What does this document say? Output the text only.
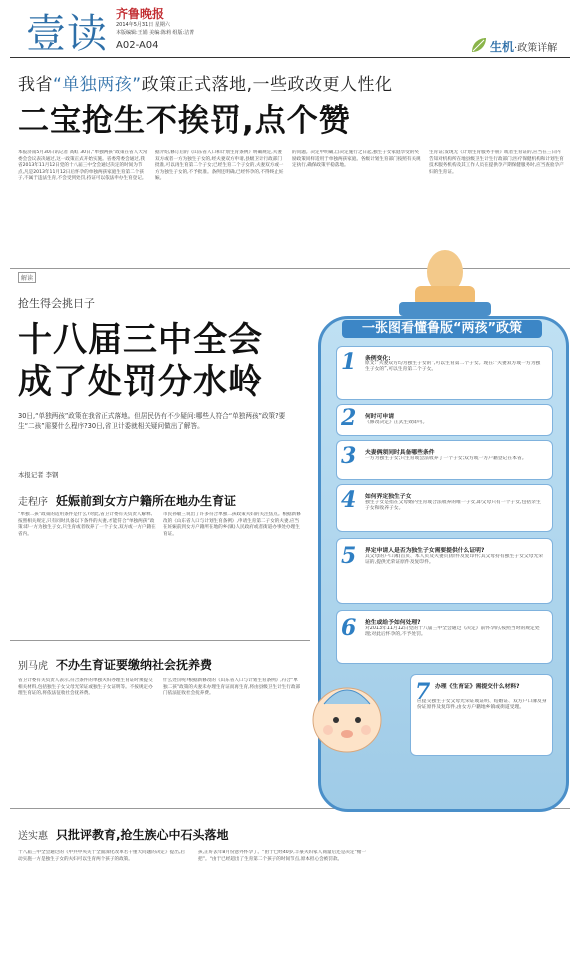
壹读 齐鲁晚报
2014年5月31日 星期六
本版编辑:王娟 美编:陈莉 组版:洁菁
A02-A04	生机·政策详解
我省“单独两孩”政策正式落地,一些政改更人性化
二宝抢生不挨罚,点个赞
本报济南5月30日讯记者 高虹 30日,“单独两孩”政策在省人大常委会会议表决通过,这一政策正式开始实施。省委常委会通过,我省2013年11月12日党的十八届三中全会通过决定的时间为节点,凡是2013年11月12日后怀孕的单独两孩家庭生育第二个孩子,不属于违法生育,不会受到处罚,持证可以依法申办生育登记。
据介绍,修订后的《山东省人口和计划生育条例》明确规定,夫妻双方或者一方为独生子女的,经夫妻双方申请,县级卫计行政部门批准,可以再生育第二个子女;已经生育二个子女的,夫妻双方或一方为独生子女的,不予批准。条例还明确,已经怀孕的,不得终止妊娠。
的问题。决定中明确,自决定施行之日起,独生子女家庭享受的奖励政策同样适用于单独两孩家庭。各级计划生育部门按照有关规定执行,确保政策平稳落地。
生育证;发现无《计划生育服务手册》或者生育证的,应当在三日内告知对机构所在地县级卫生计生行政部门;医疗保健机构和计划生育技术服务机构及其工作人员在提供孕产期保健服务时,应当查验孕产妇的生育证。
解读
抢生得会挑日子
十八届三中全会
成了处罚分水岭
30日,“单独两孩”政策在我省正式落地。但居民仍有不少疑问:哪些人符合“单独两孩”政策?要生“二孩”需要什么程序?30日,省卫计委就相关疑问做出了解答。
本报记者 李钢
走程序 妊娠前到女方户籍所在地办生育证
“单独二孩”政策的适用条件是什么?对此,省卫计委有关负责人解释,按照相关规定,只有同时具备以下条件的夫妻,才能符合“单独两孩”政策:即一方为独生子女,只生育或者收养了一个子女,双方或一方户籍在省内。
市民孙敏三说出了许多符合单独二孩政策夫妇的关注焦点。根据新修改的《山东省人口与计划生育条例》,申请生育第二子女的夫妻,应当在妊娠前到女方户籍所在地的乡(镇)人民政府或者街道办事处办理生育证。
别马虎 不办生育证要缴纳社会抚养费
省卫计委有关负责人表示,符合条件的单独夫妇办理生育证时须提交相关材料,包括独生子女父母光荣证或独生子女证明等。不按规定办理生育证的,将依法征收社会抚养费。
什么处罚呢?根据新修改的《山东省人口与计划生育条例》,符合“单独二孩”政策的夫妻未办理生育证而再生育,将由县级卫生计生行政部门依法征收社会抚养费。
送实惠 只批评教育,抢生族心中石头落地
十八届三中全会通过的《中共中央关于全面深化改革若干重大问题的决定》提出,启动实施一方是独生子女的夫妇可以生育两个孩子的政策。
孩,正好去年8月份意外怀孕了。“由于已经40岁,丰豪夫妇家人商量后还是决定“赌一把”。“由于已经超出了生育第二个孩子的时间节点,原本担心会被罚款。
一张图看懂鲁版“两孩”政策
1 条例变化:
原文:“夫妻双方均为独生子女的”,可以生育第二个子女。现在:“夫妻双方或一方为独生子女的”,可以生育第二个子女。
2 何时可申请
《修改决定》正式生效即可。
3 夫妻俩须同时具备哪些条件
一方为独生子女;只生育或会法收养了一个子女;双方或一方户籍登记在本省。
4 如何界定独生子女
独生子女是指在父母婚内生育或合法收养的唯一子女,即父母只有一个子女,包括亲生子女和收养子女。
5 界定申请人是否为独生子女需要提供什么证明?
其父母的户口簿(首页、本人页及夫妻页)原件及复印件;其父母持有独生子女父母光荣证的,提供光荣证原件及复印件。
6 抢生或给予如何处理?
对2013年11月12日党的十八届三中全会通过《决定》前怀孕的,按照当时的规定处理;对此后怀孕的,不予处罚。
7 办理《生育证》需提交什么材料?
应提交独生子女父母光荣证或证明、结婚证、双方户口簿及身份证原件及复印件,由女方户籍地乡镇或街道受理。
